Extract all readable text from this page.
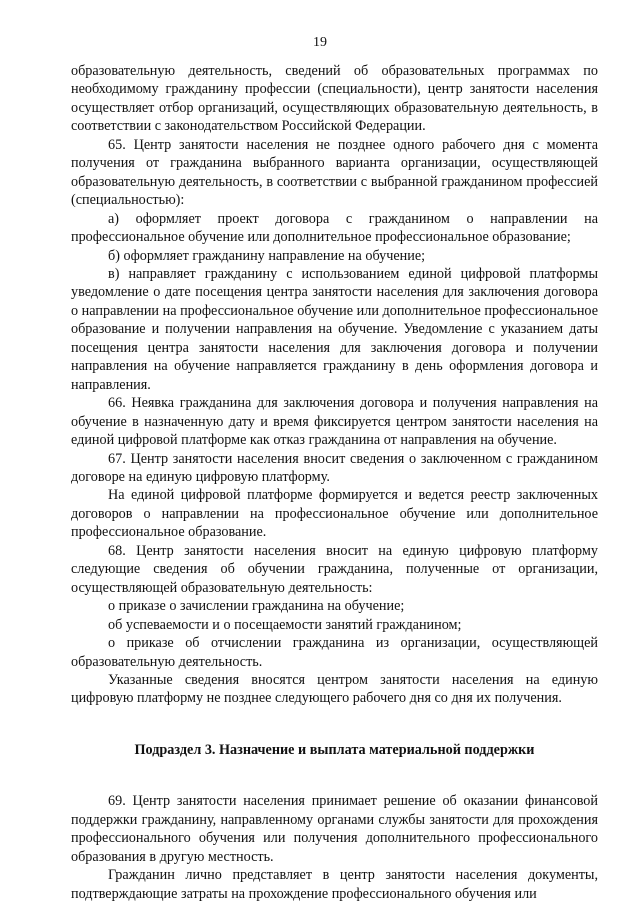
19

образовательную деятельность, сведений об образовательных программах по необходимому гражданину профессии (специальности), центр занятости населения осуществляет отбор организаций, осуществляющих образовательную деятельность, в соответствии с законодательством Российской Федерации.

65. Центр занятости населения не позднее одного рабочего дня с момента получения от гражданина выбранного варианта организации, осуществляющей образовательную деятельность, в соответствии с выбранной гражданином профессией (специальностью):

а) оформляет проект договора с гражданином о направлении на профессиональное обучение или дополнительное профессиональное образование;

б) оформляет гражданину направление на обучение;

в) направляет гражданину с использованием единой цифровой платформы уведомление о дате посещения центра занятости населения для заключения договора о направлении на профессиональное обучение или дополнительное профессиональное образование и получении направления на обучение. Уведомление с указанием даты посещения центра занятости населения для заключения договора и получении направления на обучение направляется гражданину в день оформления договора и направления.

66. Неявка гражданина для заключения договора и получения направления на обучение в назначенную дату и время фиксируется центром занятости населения на единой цифровой платформе как отказ гражданина от направления на обучение.

67. Центр занятости населения вносит сведения о заключенном с гражданином договоре на единую цифровую платформу.

На единой цифровой платформе формируется и ведется реестр заключенных договоров о направлении на профессиональное обучение или дополнительное профессиональное образование.

68. Центр занятости населения вносит на единую цифровую платформу следующие сведения об обучении гражданина, полученные от организации, осуществляющей образовательную деятельность:

о приказе о зачислении гражданина на обучение;

об успеваемости и о посещаемости занятий гражданином;

о приказе об отчислении гражданина из организации, осуществляющей образовательную деятельность.

Указанные сведения вносятся центром занятости населения на единую цифровую платформу не позднее следующего рабочего дня со дня их получения.

Подраздел 3. Назначение и выплата материальной поддержки

69. Центр занятости населения принимает решение об оказании финансовой поддержки гражданину, направленному органами службы занятости для прохождения профессионального обучения или получения дополнительного профессионального образования в другую местность.

Гражданин лично представляет в центр занятости населения документы, подтверждающие затраты на прохождение профессионального обучения или
